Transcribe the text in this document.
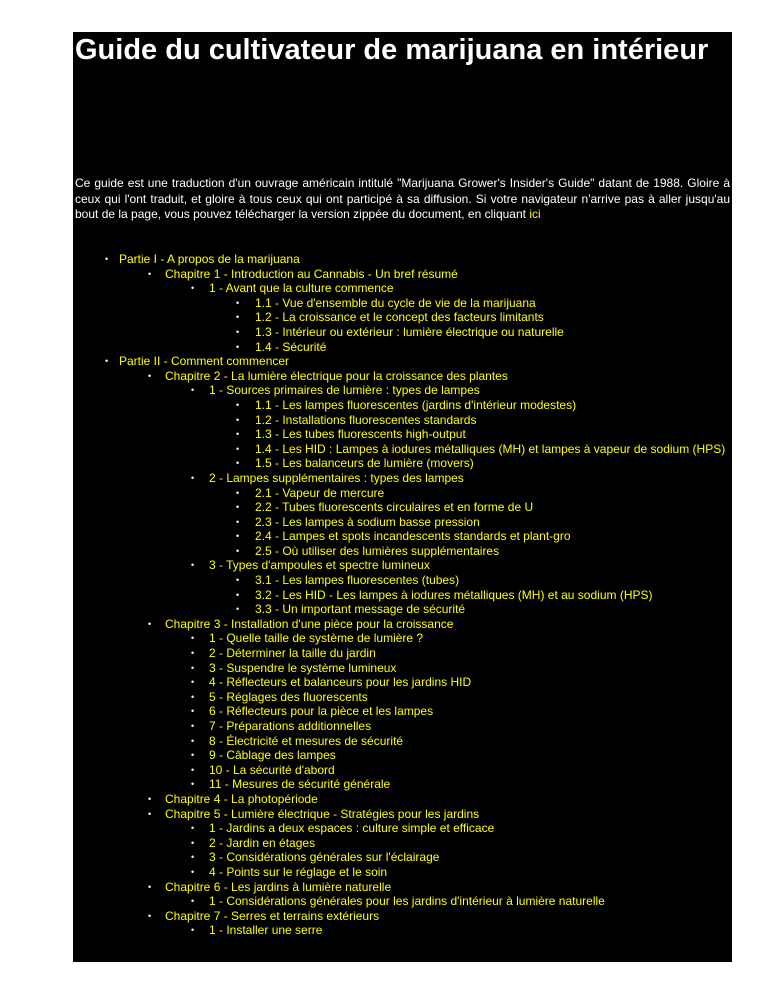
Guide du cultivateur de marijuana en intérieur
Ce guide est une traduction d'un ouvrage américain intitulé "Marijuana Grower's Insider's Guide" datant de 1988. Gloire à ceux qui l'ont traduit, et gloire à tous ceux qui ont participé à sa diffusion. Si votre navigateur n'arrive pas à aller jusqu'au bout de la page, vous pouvez télécharger la version zippée du document, en cliquant ici
• Partie I - A propos de la marijuana
•	Chapitre 1 - Introduction au Cannabis - Un bref résumé
•	1 - Avant que la culture commence
•	1.1 - Vue d'ensemble du cycle de vie de la marijuana
•	1.2 - La croissance et le concept des facteurs limitants
•	1.3 - Intérieur ou extérieur : lumière électrique ou naturelle
•	1.4 - Sécurité
• Partie II - Comment commencer
•	Chapitre 2 - La lumière électrique pour la croissance des plantes
•	1 - Sources primaires de lumière : types de lampes
•	1.1 - Les lampes fluorescentes (jardins d'intérieur modestes)
•	1.2 - Installations fluorescentes standards
•	1.3 - Les tubes fluorescents high-output
•	1.4 - Les HID : Lampes à iodures métalliques (MH) et lampes à vapeur de sodium (HPS)
•	1.5 - Les balanceurs de lumière (movers)
•	2 - Lampes supplémentaires : types des lampes
•	2.1 - Vapeur de mercure
•	2.2 - Tubes fluorescents circulaires et en forme de U
•	2.3 - Les lampes à sodium basse pression
•	2.4 - Lampes et spots incandescents standards et plant-gro
•	2.5 - Où utiliser des lumières supplémentaires
•	3 - Types d'ampoules et spectre lumineux
•	3.1 - Les lampes fluorescentes (tubes)
•	3.2 - Les HID - Les lampes à iodures métalliques (MH) et au sodium (HPS)
•	3.3 - Un important message de sécurité
•	Chapitre 3 - Installation d'une pièce pour la croissance
•	1 - Quelle taille de système de lumière ?
•	2 - Déterminer la taille du jardin
•	3 - Suspendre le système lumineux
•	4 - Réflecteurs et balanceurs pour les jardins HID
•	5 - Réglages des fluorescents
•	6 - Réflecteurs pour la pièce et les lampes
•	7 - Préparations additionnelles
•	8 - Électricité et mesures de sécurité
•	9 - Câblage des lampes
•	10 - La sécurité d'abord
•	11 - Mesures de sécurité générale
•	Chapitre 4 - La photopériode
•	Chapitre 5 - Lumière électrique - Stratégies pour les jardins
•	1 - Jardins a deux espaces : culture simple et efficace
•	2 - Jardin en étages
•	3 - Considérations générales sur l'éclairage
•	4 - Points sur le réglage et le soin
•	Chapitre 6 - Les jardins à lumière naturelle
•	1 - Considérations générales pour les jardins d'intérieur à lumière naturelle
•	Chapitre 7 - Serres et terrains extérieurs
•	1 - Installer une serre
